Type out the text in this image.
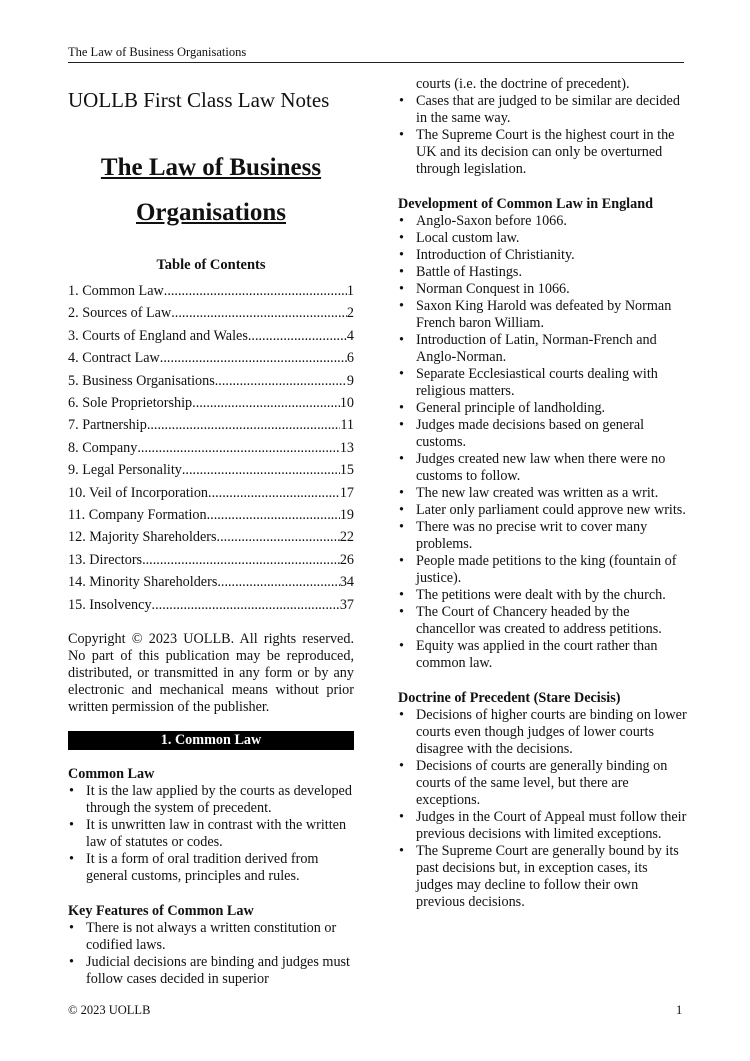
The Law of Business Organisations
UOLLB First Class Law Notes
The Law of Business
Organisations
Table of Contents
1. Common Law .....	1
2. Sources of Law .....	2
3. Courts of England and Wales .....	4
4. Contract Law .....	6
5. Business Organisations .....	9
6. Sole Proprietorship .....	10
7. Partnership .....	11
8. Company .....	13
9. Legal Personality .....	15
10. Veil of Incorporation .....	17
11. Company Formation .....	19
12. Majority Shareholders .....	22
13. Directors .....	26
14. Minority Shareholders .....	34
15. Insolvency .....	37
Copyright © 2023 UOLLB. All rights reserved. No part of this publication may be reproduced, distributed, or transmitted in any form or by any electronic and mechanical means without prior written permission of the publisher.
1. Common Law
Common Law
• It is the law applied by the courts as developed through the system of precedent.
• It is unwritten law in contrast with the written law of statutes or codes.
• It is a form of oral tradition derived from general customs, principles and rules.
Key Features of Common Law
• There is not always a written constitution or codified laws.
• Judicial decisions are binding and judges must follow cases decided in superior
courts (i.e. the doctrine of precedent).
• Cases that are judged to be similar are decided in the same way.
• The Supreme Court is the highest court in the UK and its decision can only be overturned through legislation.
Development of Common Law in England
• Anglo-Saxon before 1066.
• Local custom law.
• Introduction of Christianity.
• Battle of Hastings.
• Norman Conquest in 1066.
• Saxon King Harold was defeated by Norman French baron William.
• Introduction of Latin, Norman-French and Anglo-Norman.
• Separate Ecclesiastical courts dealing with religious matters.
• General principle of landholding.
• Judges made decisions based on general customs.
• Judges created new law when there were no customs to follow.
• The new law created was written as a writ.
• Later only parliament could approve new writs.
• There was no precise writ to cover many problems.
• People made petitions to the king (fountain of justice).
• The petitions were dealt with by the church.
• The Court of Chancery headed by the chancellor was created to address petitions.
• Equity was applied in the court rather than common law.
Doctrine of Precedent (Stare Decisis)
• Decisions of higher courts are binding on lower courts even though judges of lower courts disagree with the decisions.
• Decisions of courts are generally binding on courts of the same level, but there are exceptions.
• Judges in the Court of Appeal must follow their previous decisions with limited exceptions.
• The Supreme Court are generally bound by its past decisions but, in exception cases, its judges may decline to follow their own previous decisions.
© 2023 UOLLB	1
